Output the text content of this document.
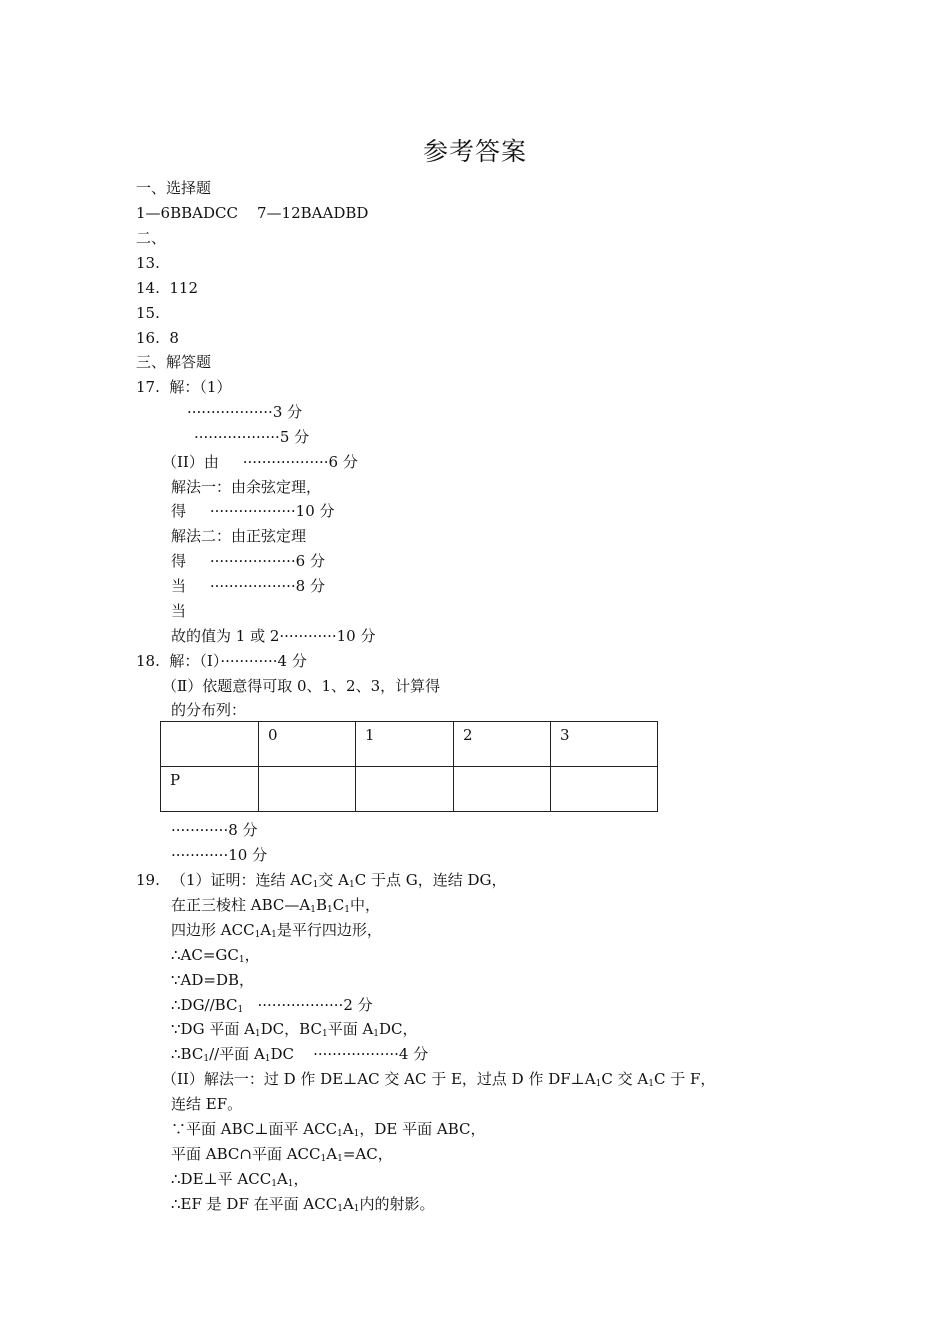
参考答案
一、选择题
1—6BBADCC    7—12BAADBD
二、
13.
14.  112
15.
16.  8
三、解答题
17.  解：（1）
··················3 分
··················5 分
（II）由     ··················6 分
解法一：由余弦定理，
得     ··················10 分
解法二：由正弦定理
得     ··················6 分
当     ··················8 分
当
故的值为 1 或 2············10 分
18.  解：（I）············4 分
（Ⅱ）依题意得可取 0、1、2、3，计算得
的分布列：
	0	1	2	3
P				
············8 分
············10 分
19. （1）证明：连结 $AC_1$交 $A_1C$ 于点 G，连结 DG，
在正三棱柱 $ABC—A_1B_1C_1$中，
四边形 $ACC_1A_1$是平行四边形，
$\therefore AC=GC_1$，
∵AD=DB，
$\therefore DG//BC_1 \cdot\cdot\cdot\cdot\cdot\cdot\cdot\cdot\cdot\cdot\cdot\cdot\cdot\cdot\cdot\cdot\cdot\cdot 2$ 分
∵DG 平面 $A_1DC$，$BC_1$平面 $A_1DC$，
$\therefore BC_1//$平面 $A_1DC$    ··················4 分
（II）解法一：过 D 作 DE⊥AC 交 AC 于 E，过点 D 作 $DF\perp A_1C$ 交 $A_1C$ 于 F，
连结 EF。
∵平面 ABC⊥面平 $ACC_1A_1$，DE 平面 ABC，
平面 ABC∩平面 $ACC_1A_1=AC$，
∴DE⊥平 $ACC_1A_1$，
∴EF 是 DF 在平面 $ACC_1A_1$内的射影。
